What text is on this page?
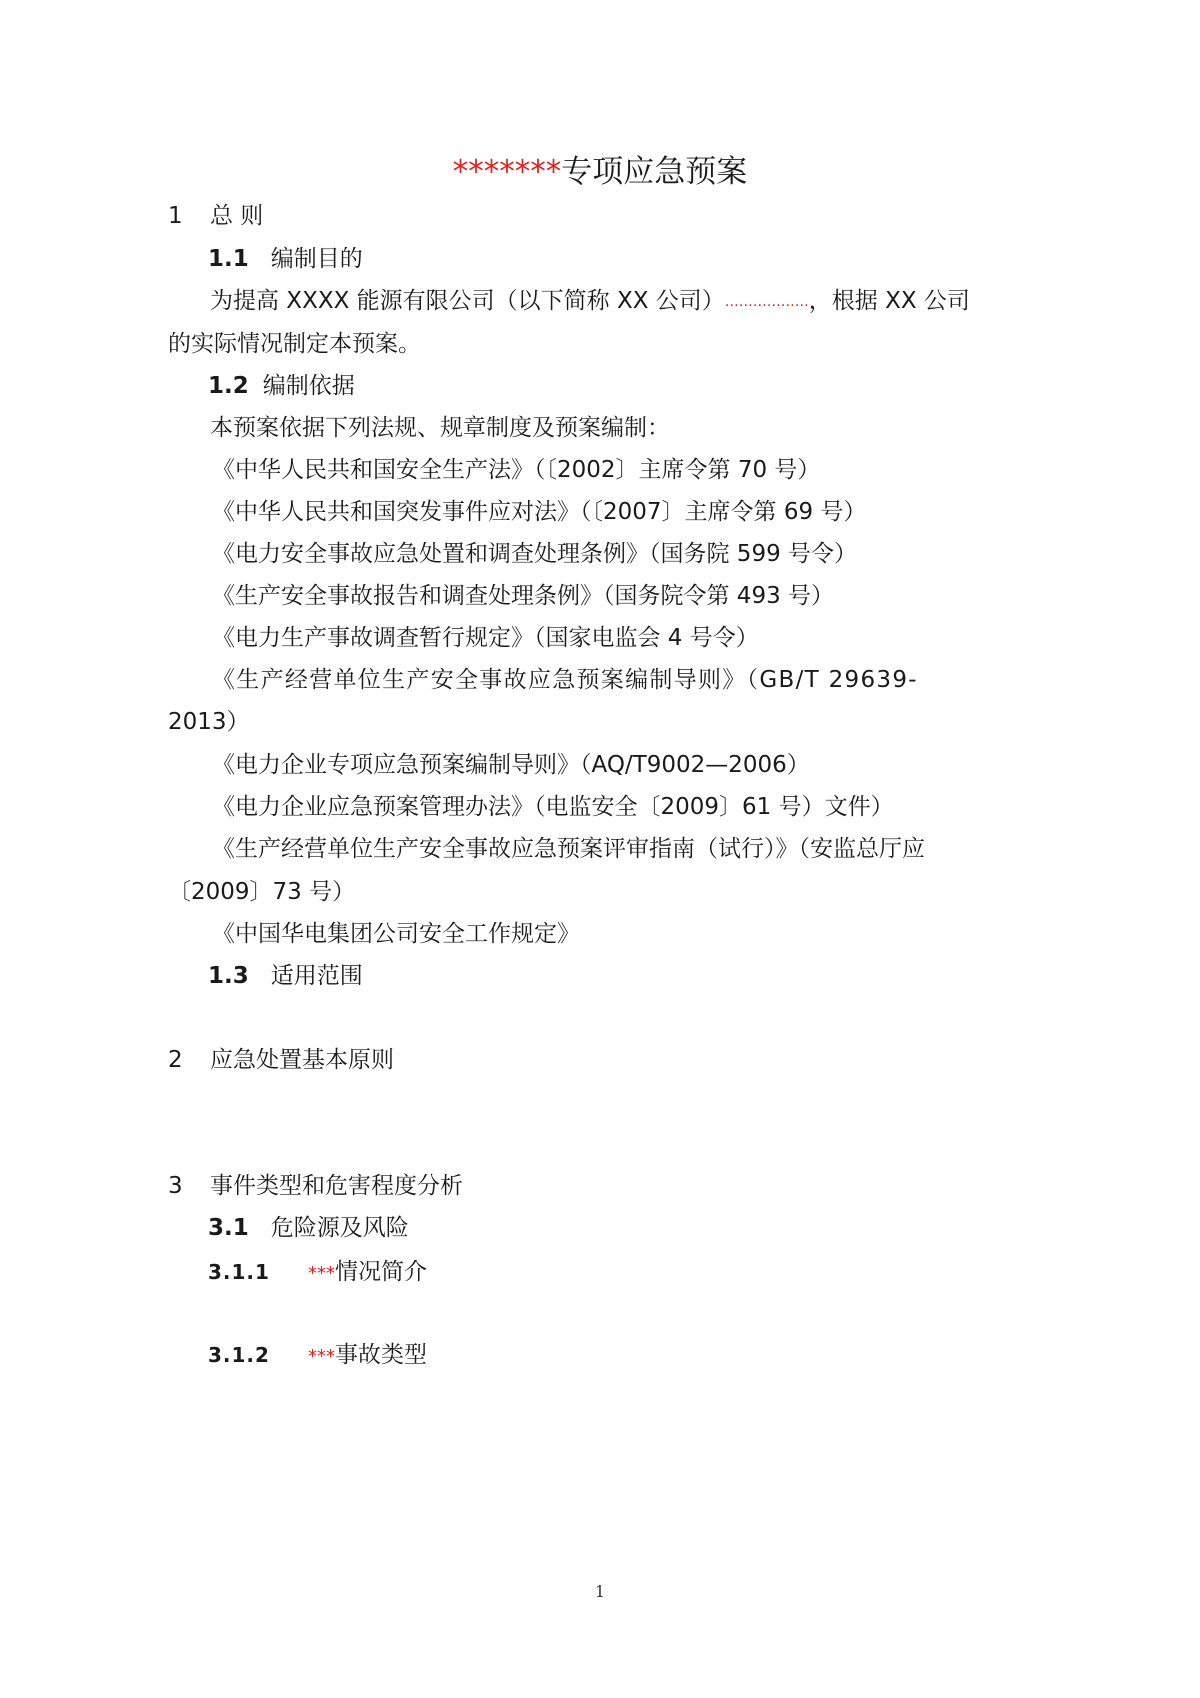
*******专项应急预案
1 总 则
1.1 编制目的
为提高 XXXX 能源有限公司（以下简称 XX 公司）………………，根据 XX 公司
的实际情况制定本预案。
1.2 编制依据
本预案依据下列法规、规章制度及预案编制：
《中华人民共和国安全生产法》（〔2002〕主席令第 70 号）
《中华人民共和国突发事件应对法》（〔2007〕主席令第 69 号）
《电力安全事故应急处置和调查处理条例》（国务院 599 号令）
《生产安全事故报告和调查处理条例》（国务院令第 493 号）
《电力生产事故调查暂行规定》（国家电监会 4 号令）
《生产经营单位生产安全事故应急预案编制导则》（GB/T 29639-
2013）
《电力企业专项应急预案编制导则》（AQ/T9002—2006）
《电力企业应急预案管理办法》（电监安全〔2009〕61 号）文件）
《生产经营单位生产安全事故应急预案评审指南（试行）》（安监总厅应
〔2009〕73 号）
《中国华电集团公司安全工作规定》
1.3 适用范围
2 应急处置基本原则
3 事件类型和危害程度分析
3.1 危险源及风险
3.1.1 ***情况简介
3.1.2 ***事故类型
1
